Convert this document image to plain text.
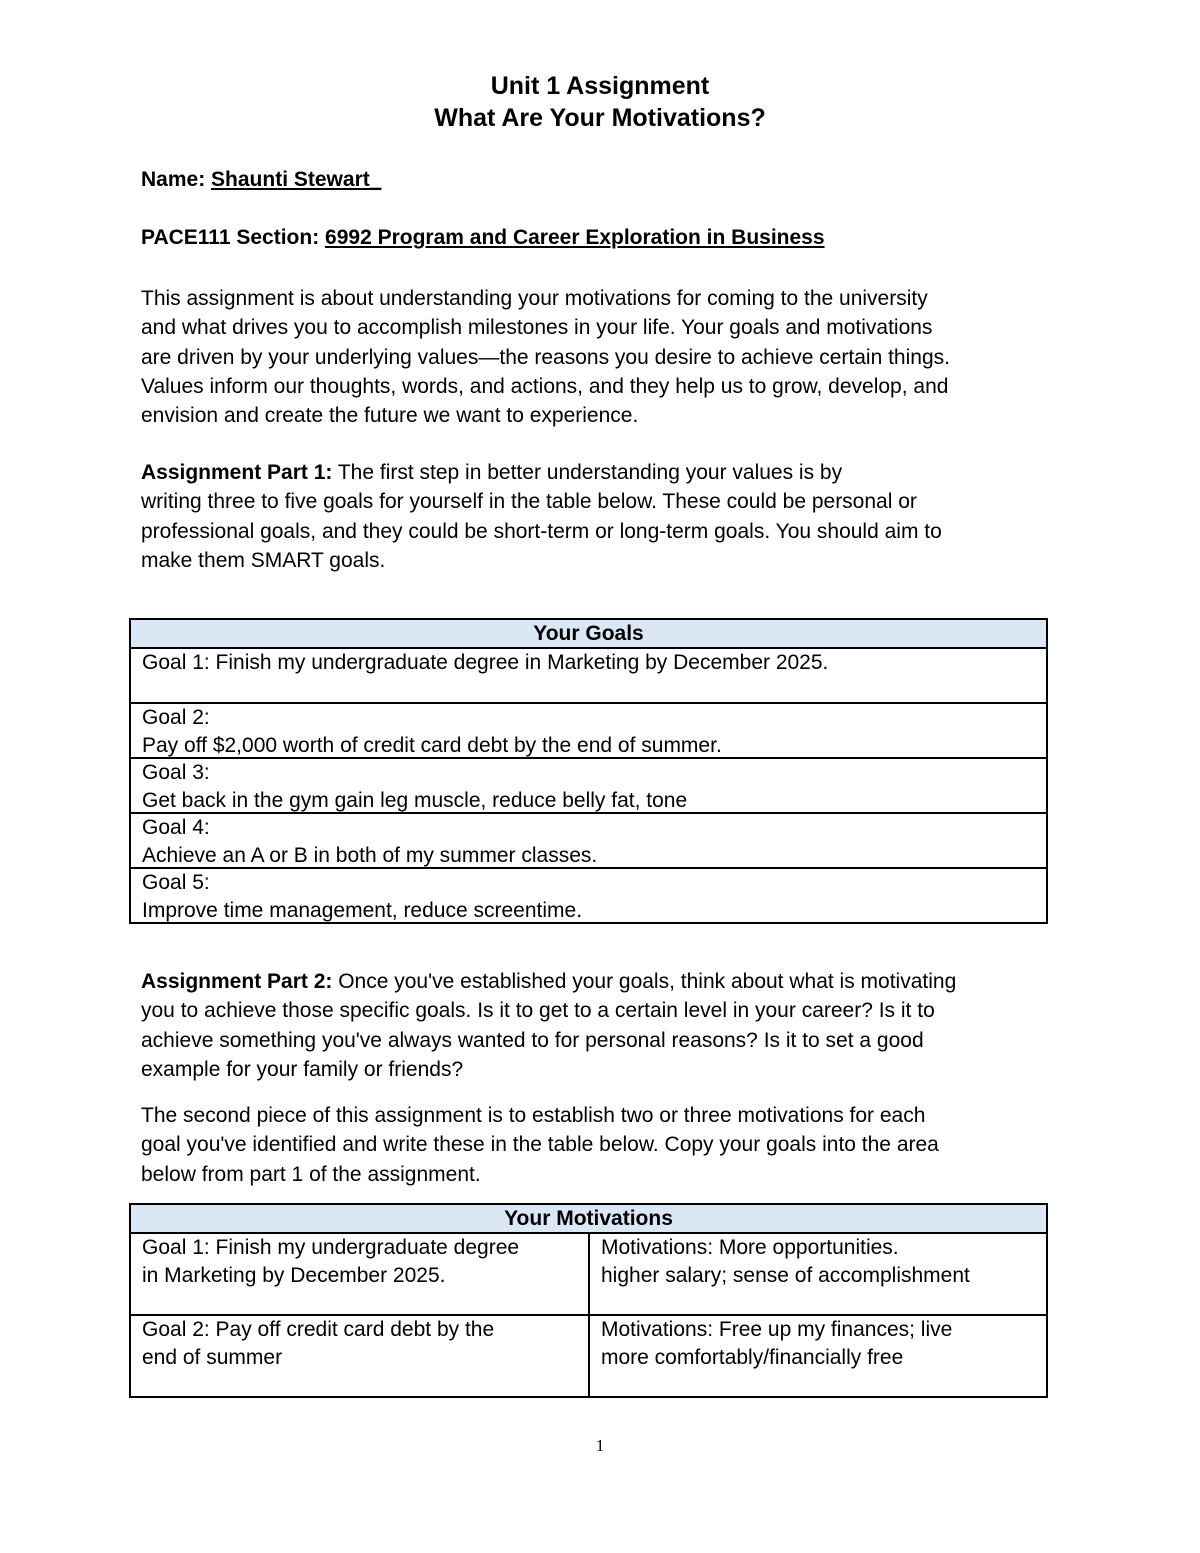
Unit 1 Assignment
What Are Your Motivations?
Name: Shaunti Stewart_
PACE111 Section: 6992 Program and Career Exploration in Business
This assignment is about understanding your motivations for coming to the university
and what drives you to accomplish milestones in your life. Your goals and motivations
are driven by your underlying values—the reasons you desire to achieve certain things.
Values inform our thoughts, words, and actions, and they help us to grow, develop, and
envision and create the future we want to experience.
Assignment Part 1: The first step in better understanding your values is by
writing three to five goals for yourself in the table below. These could be personal or
professional goals, and they could be short-term or long-term goals. You should aim to
make them SMART goals.
Your Goals
Goal 1: Finish my undergraduate degree in Marketing by December 2025.
Goal 2:
Pay off $2,000 worth of credit card debt by the end of summer.
Goal 3:
Get back in the gym gain leg muscle, reduce belly fat, tone
Goal 4:
Achieve an A or B in both of my summer classes.
Goal 5:
Improve time management, reduce screentime.
Assignment Part 2: Once you've established your goals, think about what is motivating
you to achieve those specific goals. Is it to get to a certain level in your career? Is it to
achieve something you've always wanted to for personal reasons? Is it to set a good
example for your family or friends?
The second piece of this assignment is to establish two or three motivations for each
goal you've identified and write these in the table below. Copy your goals into the area
below from part 1 of the assignment.
Your Motivations
Goal 1: Finish my undergraduate degree
in Marketing by December 2025.
Motivations: More opportunities.
higher salary; sense of accomplishment
Goal 2: Pay off credit card debt by the
end of summer
Motivations: Free up my finances; live
more comfortably/financially free
1
